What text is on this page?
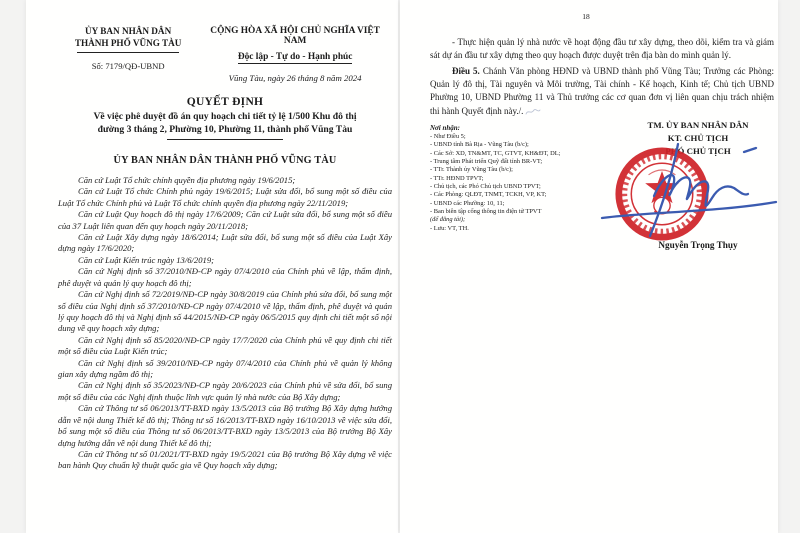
ỦY BAN NHÂN DÂN
THÀNH PHỐ VŨNG TÀU
Số: 7179/QĐ-UBND
CỘNG HÒA XÃ HỘI CHỦ NGHĨA VIỆT NAM
Độc lập - Tự do - Hạnh phúc
Vũng Tàu, ngày 26 tháng 8 năm 2024
QUYẾT ĐỊNH
Về việc phê duyệt đồ án quy hoạch chi tiết tỷ lệ 1/500 Khu đô thị
đường 3 tháng 2, Phường 10, Phường 11, thành phố Vũng Tàu
ỦY BAN NHÂN DÂN THÀNH PHỐ VŨNG TÀU

Căn cứ Luật Tổ chức chính quyền địa phương ngày 19/6/2015;

Căn cứ Luật Tổ chức Chính phủ ngày 19/6/2015; Luật sửa đổi, bổ sung một số điều của Luật Tổ chức Chính phủ và Luật Tổ chức chính quyền địa phương ngày 22/11/2019;

Căn cứ Luật Quy hoạch đô thị ngày 17/6/2009; Căn cứ Luật sửa đổi, bổ sung một số điều của 37 Luật liên quan đến quy hoạch ngày 20/11/2018;

Căn cứ Luật Xây dựng ngày 18/6/2014; Luật sửa đổi, bổ sung một số điều của Luật Xây dựng ngày 17/6/2020;

Căn cứ Luật Kiến trúc ngày 13/6/2019;

Căn cứ Nghị định số 37/2010/NĐ-CP ngày 07/4/2010 của Chính phủ về lập, thẩm định, phê duyệt và quản lý quy hoạch đô thị;

Căn cứ Nghị định số 72/2019/NĐ-CP ngày 30/8/2019 của Chính phủ sửa đổi, bổ sung một số điều của Nghị định số 37/2010/NĐ-CP ngày 07/4/2010 về lập, thẩm định, phê duyệt và quản lý quy hoạch đô thị và Nghị định số 44/2015/NĐ-CP ngày 06/5/2015 quy định chi tiết một số nội dung về quy hoạch xây dựng;

Căn cứ Nghị định số 85/2020/NĐ-CP ngày 17/7/2020 của Chính phủ về quy định chi tiết một số điều của Luật Kiến trúc;

Căn cứ Nghị định số 39/2010/NĐ-CP ngày 07/4/2010 của Chính phủ về quản lý không gian xây dựng ngầm đô thị;

Căn cứ Nghị định số 35/2023/NĐ-CP ngày 20/6/2023 của Chính phủ về sửa đổi, bổ sung một số điều của các Nghị định thuộc lĩnh vực quản lý nhà nước của Bộ Xây dựng;

Căn cứ Thông tư số 06/2013/TT-BXD ngày 13/5/2013 của Bộ trưởng Bộ Xây dựng hướng dẫn về nội dung Thiết kế đô thị; Thông tư số 16/2013/TT-BXD ngày 16/10/2013 về việc sửa đổi, bổ sung một số điều của Thông tư số 06/2013/TT-BXD ngày 13/5/2013 của Bộ trưởng Bộ Xây dựng hướng dẫn về nội dung Thiết kế đô thị;

Căn cứ Thông tư số 01/2021/TT-BXD ngày 19/5/2021 của Bộ trưởng Bộ Xây dựng về việc ban hành Quy chuẩn kỹ thuật quốc gia về Quy hoạch xây dựng;

18

- Thực hiện quản lý nhà nước về hoạt động đầu tư xây dựng, theo dõi, kiểm tra và giám sát dự án đầu tư xây dựng theo quy hoạch được duyệt trên địa bàn do mình quản lý.

Điều 5. Chánh Văn phòng HĐND và UBND thành phố Vũng Tàu; Trưởng các Phòng: Quản lý đô thị, Tài nguyên và Môi trường, Tài chính - Kế hoạch, Kinh tế; Chủ tịch UBND Phường 10, UBND Phường 11 và Thủ trưởng các cơ quan đơn vị liên quan chịu trách nhiệm thi hành Quyết định này./.

Nơi nhận:
- Như Điều 5;
- UBND tỉnh Bà Rịa - Vũng Tàu (b/c);
- Các Sở: XD, TN&MT, TC, GTVT, KH&ĐT, DL;
- Trung tâm Phát triển Quỹ đất tỉnh BR-VT;
- TTr. Thành ủy Vũng Tàu (b/c);
- TTr. HĐND TPVT;
- Chủ tịch, các Phó Chủ tịch UBND TPVT;
- Các Phòng: QLĐT, TNMT, TCKH, VP, KT;
- UBND các Phường: 10, 11;
- Ban biên tập cổng thông tin điện tử TPVT
(để đăng tải);
- Lưu: VT, TH.
TM. ỦY BAN NHÂN DÂN
KT. CHỦ TỊCH
PHÓ CHỦ TỊCH
Nguyễn Trọng Thụy
